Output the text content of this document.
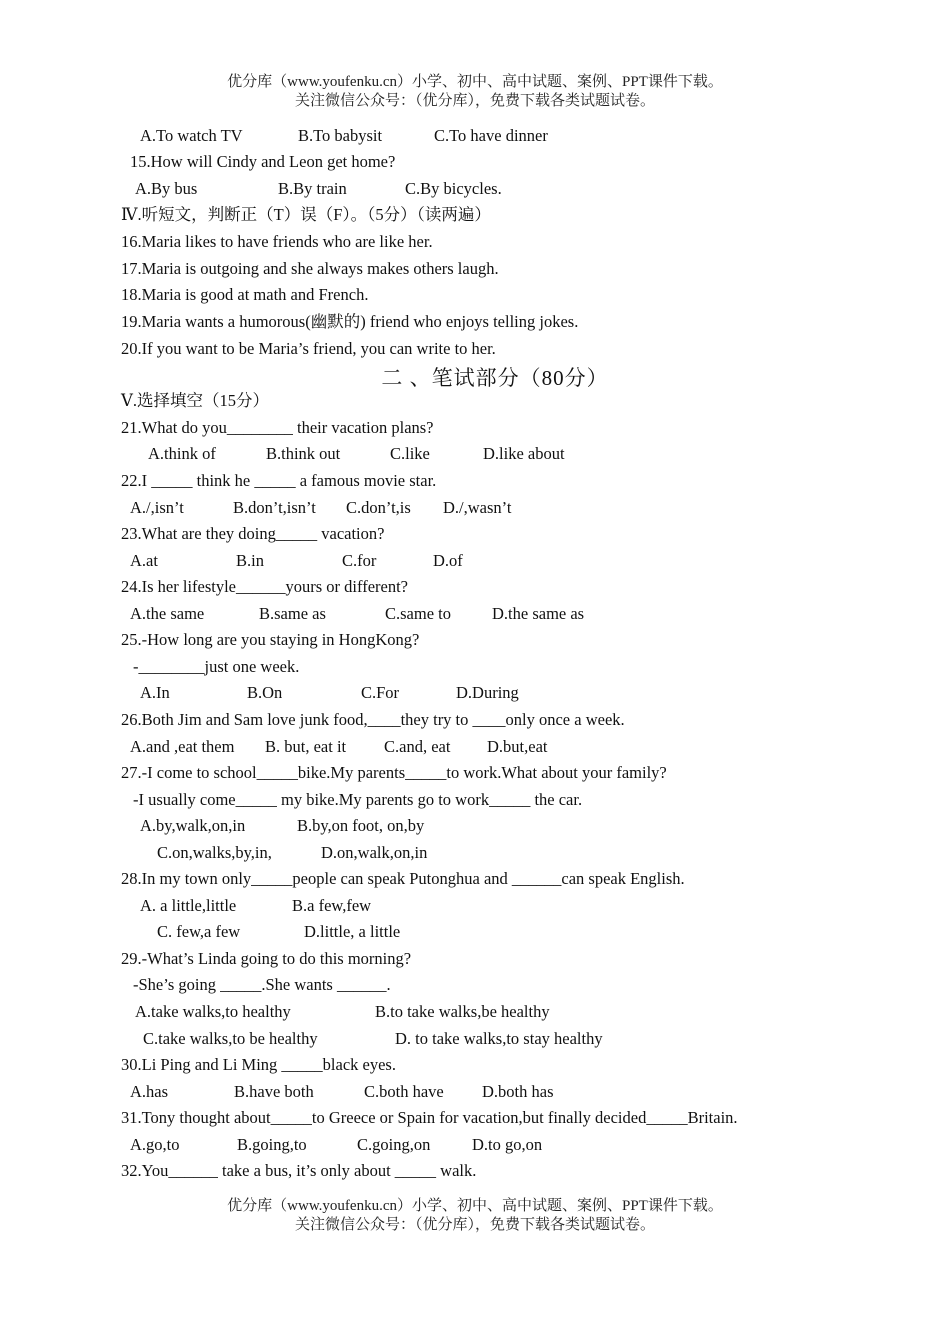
优分库（www.youfenku.cn）小学、初中、高中试题、案例、PPT课件下载。
关注微信公众号：（优分库），免费下载各类试题试卷。
A.To watch TV	B.To babysit	C.To have dinner
15.How will Cindy and Leon get home?
A.By bus	B.By train	C.By bicycles.
Ⅳ.听短文，判断正（T）误（F）。（5分）（读两遍）
16.Maria likes to have friends who are like her.
17.Maria is outgoing and she always makes others laugh.
18.Maria is good at math and French.
19.Maria wants a humorous(幽默的) friend who enjoys telling jokes.
20.If you want to be Maria’s friend, you can write to her.
二 、笔试部分（80分）
Ⅴ.选择填空（15分）
21.What do you________ their vacation plans?
A.think of	B.think out	C.like	D.like about
22.I _____ think he _____ a famous movie star.
A./,isn’t	B.don’t,isn’t C.don’t,is D./,wasn’t
23.What are they doing_____ vacation?
A.at	B.in	C.for	D.of
24.Is her lifestyle______yours or different?
A.the same	B.same as	C.same to D.the same as
25.-How long are you staying in HongKong?
-________just one week.
A.In	B.On	C.For	D.During
26.Both Jim and Sam love junk food,____they try to ____only once a week.
A.and ,eat them B. but, eat it C.and, eat D.but,eat
27.-I come to school_____bike.My parents_____to work.What about your family?
-I usually come_____ my bike.My parents go to work_____ the car.
A.by,walk,on,in	B.by,on foot, on,by
C.on,walks,by,in,	D.on,walk,on,in
28.In my town only_____people can speak Putonghua and ______can speak English.
A. a little,little	B.a few,few
C. few,a few	D.little, a little
29.-What’s Linda going to do this morning?
-She’s going _____.She wants ______.
A.take walks,to healthy	B.to take walks,be healthy
C.take walks,to be healthy	D. to take walks,to stay healthy
30.Li Ping and Li Ming _____black eyes.
A.has	B.have both	C.both have D.both has
31.Tony thought about_____to Greece or Spain for vacation,but finally decided_____Britain.
A.go,to	B.going,to	C.going,on	D.to go,on
32.You______ take a bus, it’s only about _____ walk.
优分库（www.youfenku.cn）小学、初中、高中试题、案例、PPT课件下载。
关注微信公众号：（优分库），免费下载各类试题试卷。
